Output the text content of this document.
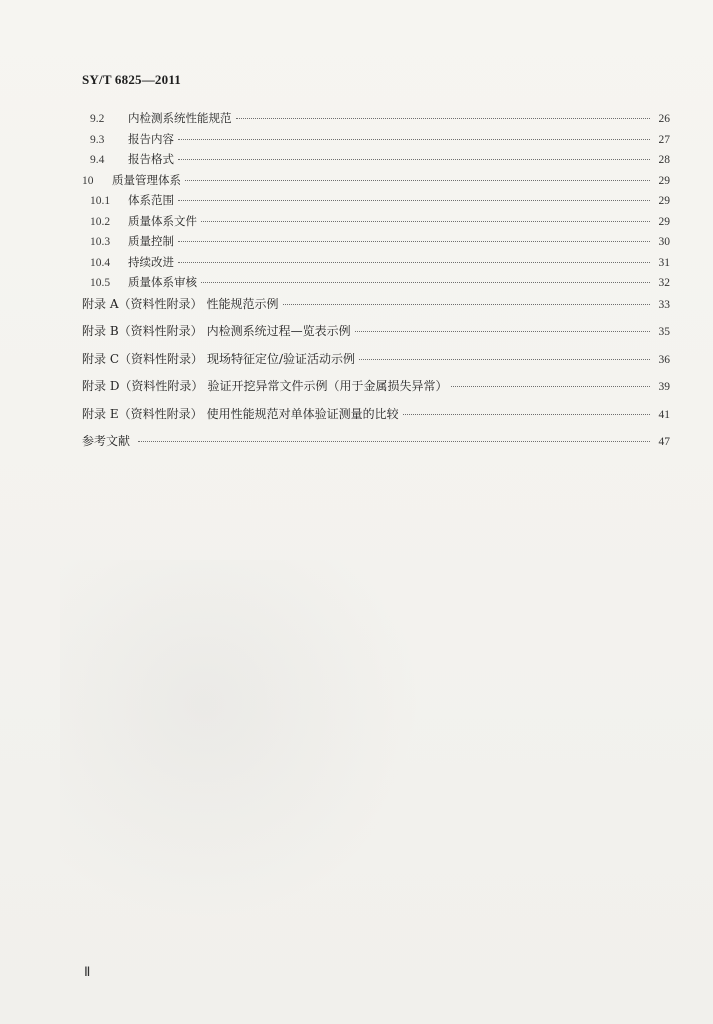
SY/T 6825—2011
9.2	内检测系统性能规范	26
9.3	报告内容	27
9.4	报告格式	28
10	质量管理体系	29
10.1	体系范围	29
10.2	质量体系文件	29
10.3	质量控制	30
10.4	持续改进	31
10.5	质量体系审核	32
附录 A（资料性附录） 性能规范示例	33
附录 B（资料性附录） 内检测系统过程—览表示例	35
附录 C（资料性附录） 现场特征定位/验证活动示例	36
附录 D（资料性附录） 验证开挖异常文件示例（用于金属损失异常）	39
附录 E（资料性附录） 使用性能规范对单体验证测量的比较	41
参考文献	47
Ⅱ
